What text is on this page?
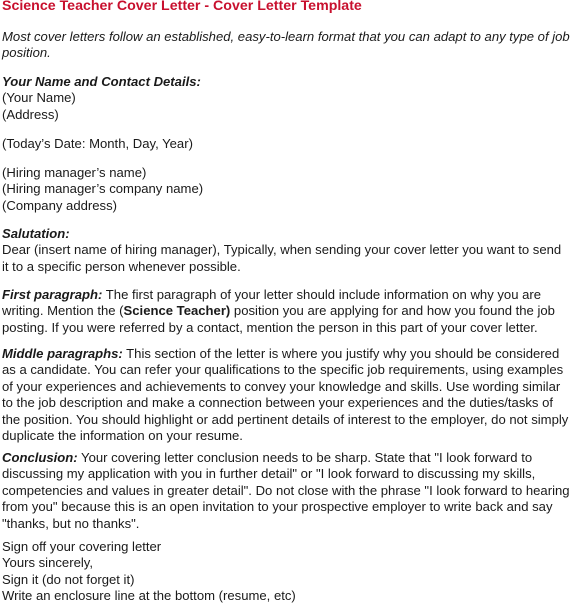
Science Teacher Cover Letter - Cover Letter Template

Most cover letters follow an established, easy-to-learn format that you can adapt to any type of job position.

Your Name and Contact Details:
(Your Name)
(Address)
(Today’s Date: Month, Day, Year)
(Hiring manager’s name)
(Hiring manager’s company name)
(Company address)
Salutation:
Dear (insert name of hiring manager), Typically, when sending your cover letter you want to send it to a specific person whenever possible.
First paragraph: The first paragraph of your letter should include information on why you are writing. Mention the (Science Teacher) position you are applying for and how you found the job posting. If you were referred by a contact, mention the person in this part of your cover letter.
Middle paragraphs: This section of the letter is where you justify why you should be considered as a candidate. You can refer your qualifications to the specific job requirements, using examples of your experiences and achievements to convey your knowledge and skills. Use wording similar to the job description and make a connection between your experiences and the duties/tasks of the position. You should highlight or add pertinent details of interest to the employer, do not simply duplicate the information on your resume.
Conclusion: Your covering letter conclusion needs to be sharp. State that "I look forward to discussing my application with you in further detail" or "I look forward to discussing my skills, competencies and values in greater detail". Do not close with the phrase "I look forward to hearing from you" because this is an open invitation to your prospective employer to write back and say "thanks, but no thanks".
Sign off your covering letter
Yours sincerely,
Sign it (do not forget it)
Write an enclosure line at the bottom (resume, etc)
